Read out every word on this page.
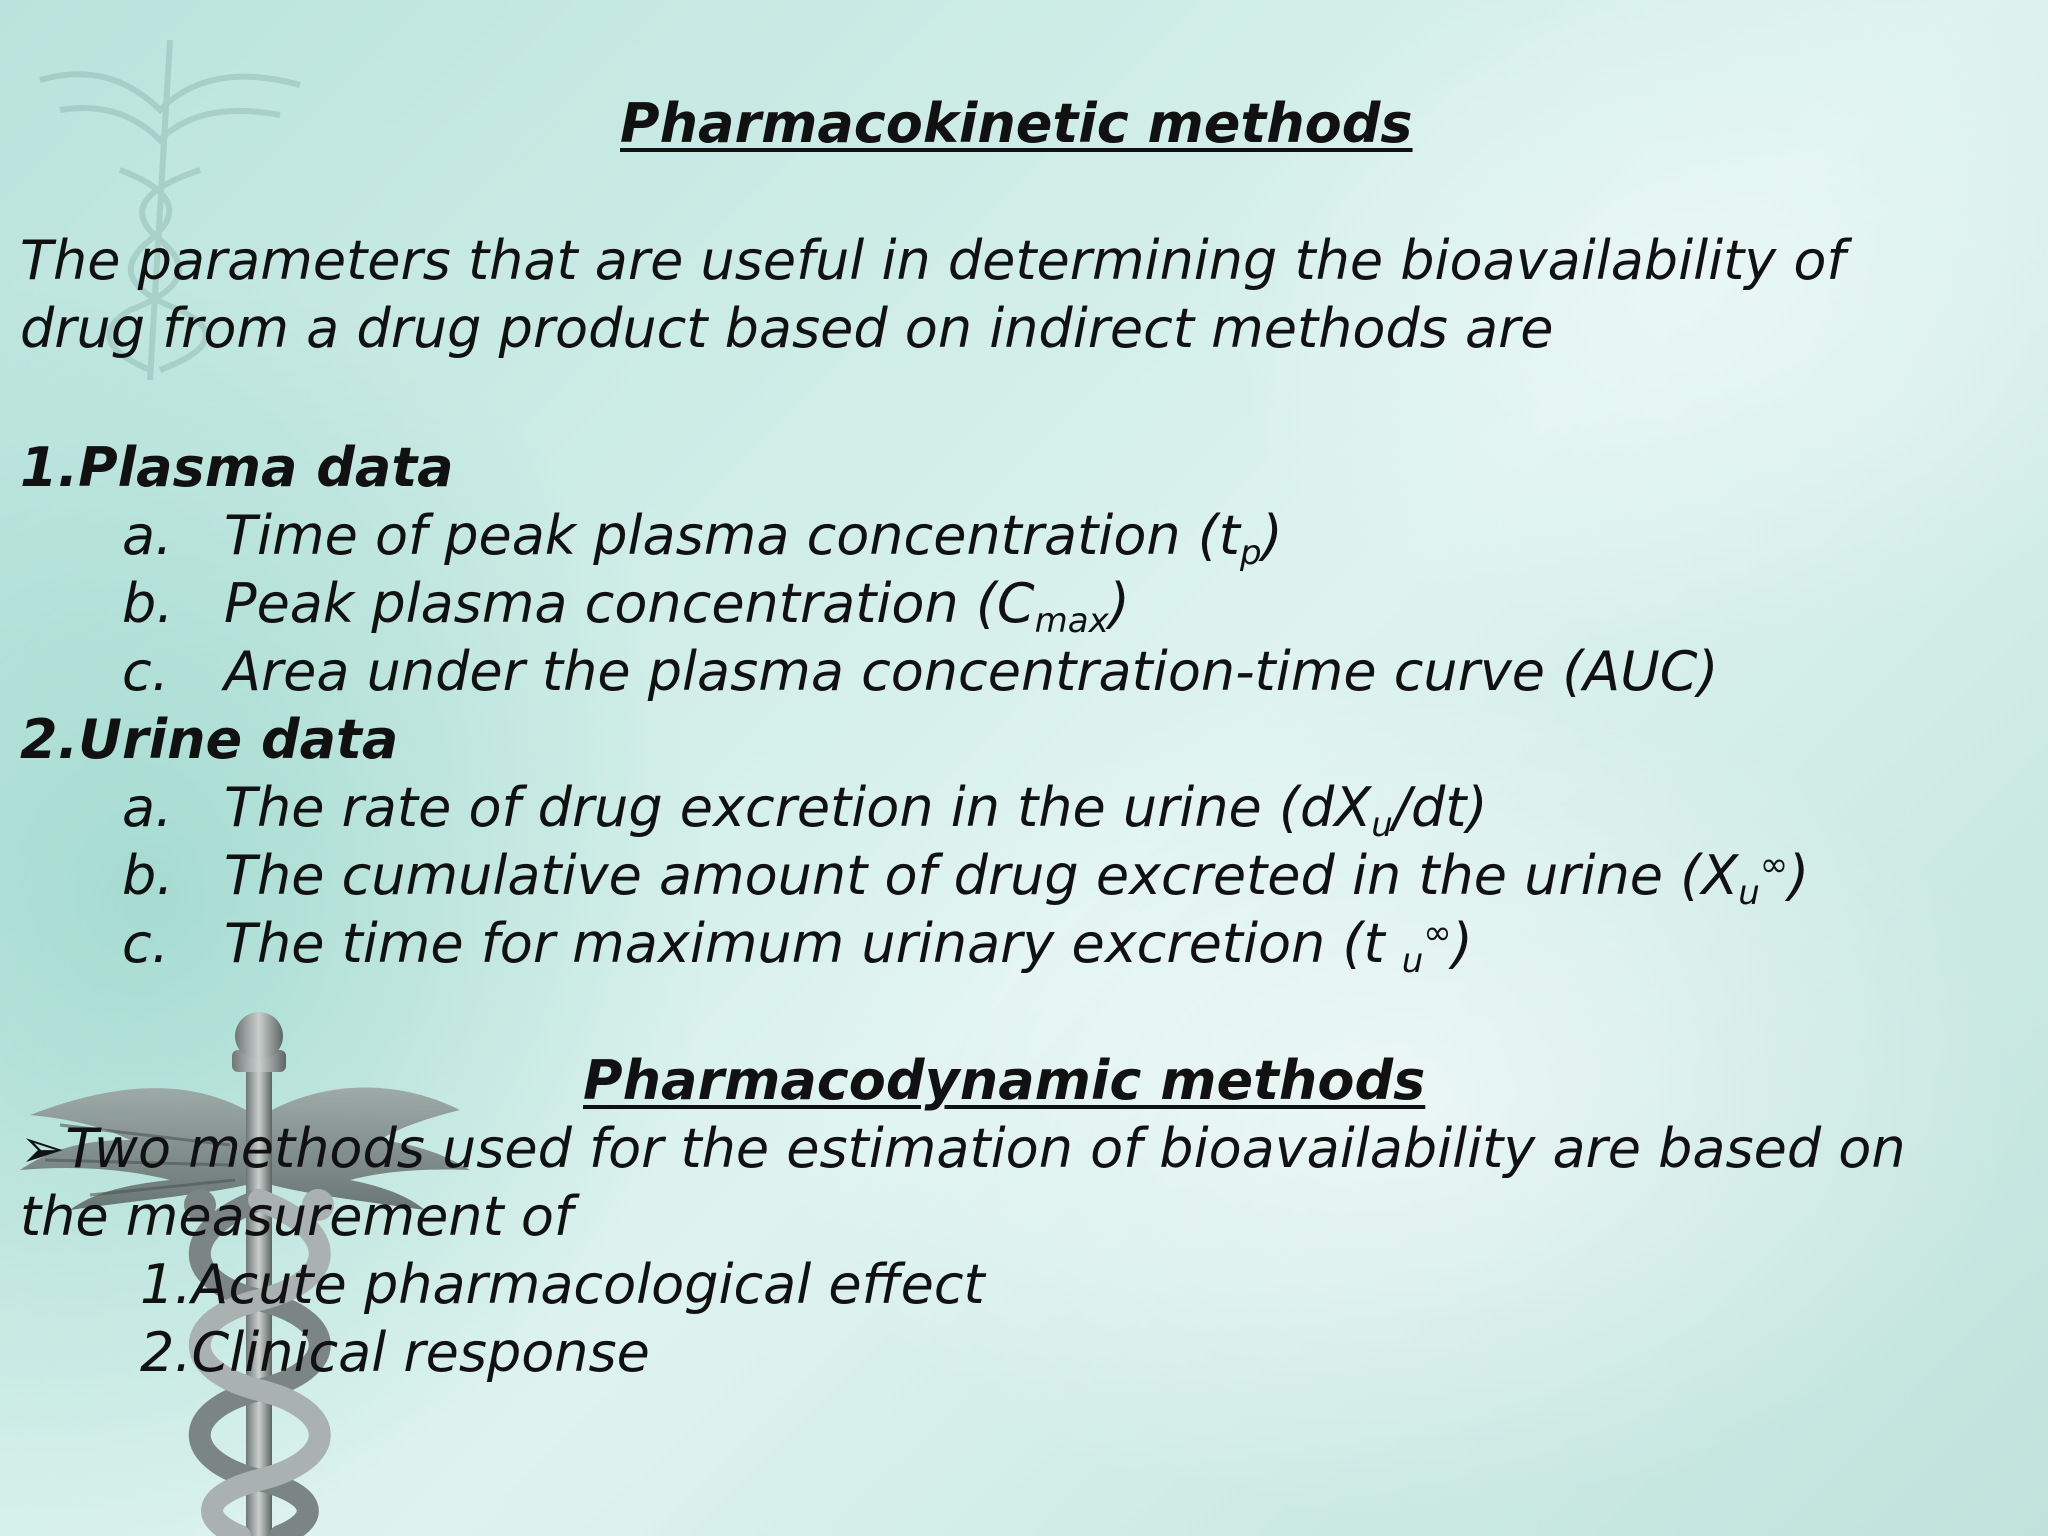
Pharmacokinetic methods
The parameters that are useful in determining the bioavailability of
drug from a drug product based on indirect methods are
1.Plasma data
a. Time of peak plasma concentration $(t_p)$
b. Peak plasma concentration $(C_{max})$
c. Area under the plasma concentration-time curve (AUC)
2.Urine data
a. The rate of drug excretion in the urine $(dX_u/dt)$
b. The cumulative amount of drug excreted in the urine $(X_u^\infty)$
c. The time for maximum urinary excretion (t $_u$∞)
Pharmacodynamic methods
➢Two methods used for the estimation of bioavailability are based on
the measurement of
1.Acute pharmacological effect
2.Clinical response
